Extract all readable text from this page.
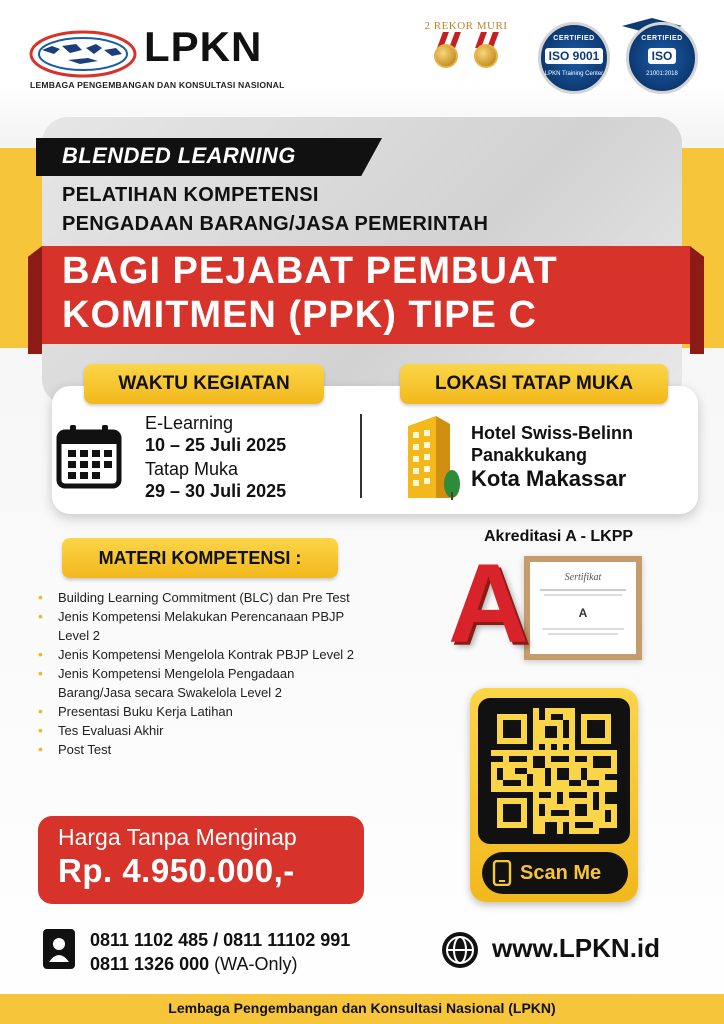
LPKN
LEMBAGA PENGEMBANGAN DAN KONSULTASI NASIONAL
2 REKOR MURI
CERTIFIED
ISO 9001
LPKN Training Center
CERTIFIED
ISO
21001:2018
BLENDED LEARNING
PELATIHAN KOMPETENSI
PENGADAAN BARANG/JASA PEMERINTAH
BAGI PEJABAT PEMBUAT
KOMITMEN (PPK) TIPE C
WAKTU KEGIATAN	LOKASI TATAP MUKA
E-Learning
10 – 25 Juli 2025
Tatap Muka
29 – 30 Juli 2025
Hotel Swiss-Belinn
Panakkukang
Kota Makassar
MATERI KOMPETENSI :
• Building Learning Commitment (BLC) dan Pre Test
• Jenis Kompetensi Melakukan Perencanaan PBJP Level 2
• Jenis Kompetensi Mengelola Kontrak PBJP Level 2
• Jenis Kompetensi Mengelola Pengadaan Barang/Jasa secara Swakelola Level 2
• Presentasi Buku Kerja Latihan
• Tes Evaluasi Akhir
• Post Test
Akreditasi A - LKPP
Sertifikat
A
A
Scan Me
Harga Tanpa Menginap
Rp. 4.950.000,-
0811 1102 485 / 0811 11102 991
0811 1326 000 (WA-Only)
www.LPKN.id
Lembaga Pengembangan dan Konsultasi Nasional (LPKN)
